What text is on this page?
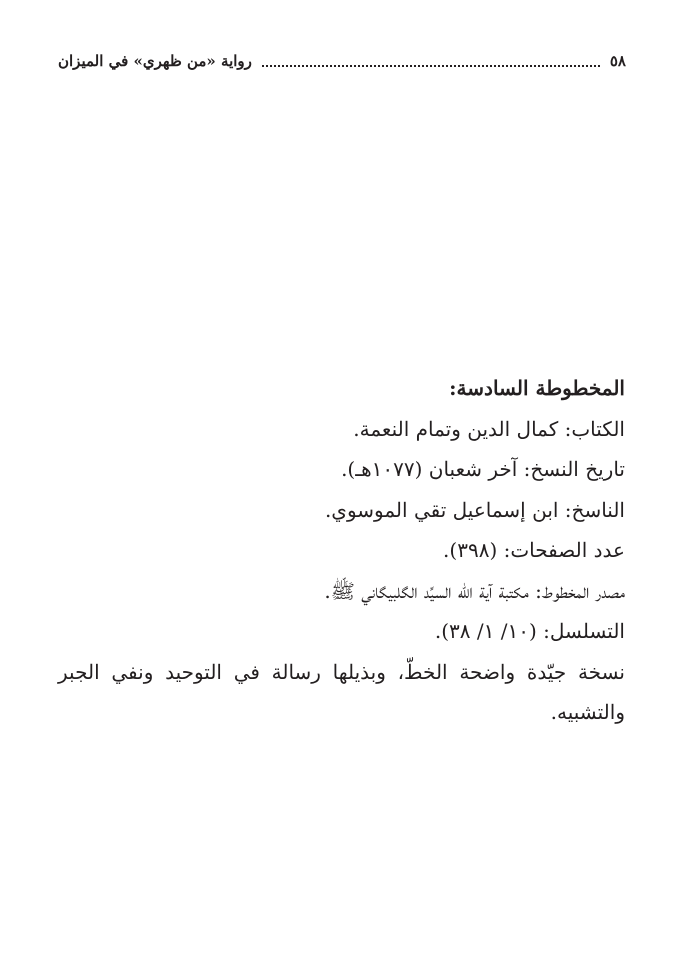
٥٨
رواية «من ظهري» في الميزان

المخطوطة السادسة:

الكتاب: كمال الدين وتمام النعمة.

تاريخ النسخ: آخر شعبان (١٠٧٧هـ).

الناسخ: ابن إسماعيل تقي الموسوي.

عدد الصفحات: (٣٩٨).

مصدر المخطوط: مكتبة آية الله السيِّد الگلبيگاني ﷺ.

التسلسل: (١٠/ ١/ ٣٨).

نسخة جيّدة واضحة الخطّ، وبذيلها رسالة في التوحيد ونفي الجبر والتشبيه.
